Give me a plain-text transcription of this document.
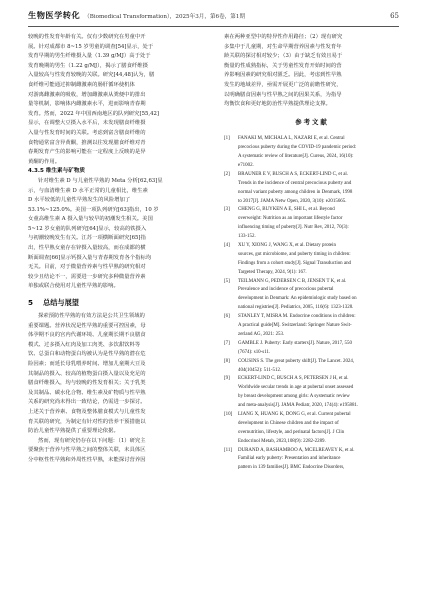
生物医学转化 （Biomedical Transformation），2025年3月，第6卷，第1期	65

较晚的性发育年龄有关。仅有少数研究在男童中开
展。针对成都市 8~15 岁男童的调查[54]显示，处于
发育早期的男生纤维摄入量（1.39 g/MJ）高于处于
发育晚期的男生（1.22 g/MJ），揭示了膳食纤维摄
入量较高与性发育较晚的关联。研究[44,48]认为，膳
食纤维可能通过抑制雌激素的肠肝循环使机体
对游离雌激素的吸收，增加雌激素从粪便中的排出
量等机制，影响体内雌激素水平，进而影响青春期
发育。然而，2022 年中国西南地区的队列研究[55,42]
显示，在调整大豆摄入水平后，未发现膳食纤维摄
入量与性发育时间的关联。考虑到富含膳食纤维的
食物通常富含异黄酮，推测以往发现膳食纤维对青
春期发育产生的影响可能在一定程度上反映的是异
黄酮的作用。

4.3.5 维生素与矿物质

针对维生素 D 与儿童性早熟的 Meta 分析[62,63]显
示，与血清维生素 D 水平正常的儿童相比，维生素
D 水平较低的儿童性早熟发生的风险增加了
53.1%~125.0%。美国一项队列研究[63]指出，10 岁
女童高维生素 A 摄入量与较早的初潮发生相关。美国
5~12 岁女童的队列研究[64]显示，较高的铁摄入
与初潮较晚发生有关。江苏一项横断面研究[65]指
出，性早熟女童存在锌摄入量较高，而在成都的横
断面调查[66]显示钙摄入量与青春期发育各个指标均
无关。目前，对于微量营养素与性早熟的研究相对
较少且结论不一，需要进一步研究多种微量营养素
单独或联合使用对儿童性早熟的影响。

5 总结与展望

探索预防性早熟的有效方法是公共卫生领域的
重要课题。营养状况是性早熟的重要可控因素，母
体孕期不良的宫内代谢环境、儿童期长期不良膳食
模式、过多摄入红肉及加工肉类、多饮甜饮料等
饮、总蛋白和动物蛋白均被认为是性早熟的潜在危
险因素；而延长母乳喂养时间、增加儿童期大豆及
其制品的摄入、较高的植物蛋白摄入量以及充足的
膳食纤维摄入，均与较晚的性发育相关；关于乳类
及其制品、碳水化合物、维生素及矿物质与性早熟
关系的研究尚未得出一致结论，仍需进一步探讨。
上述关于营养素、食物及整体膳食模式与儿童性发
育关联的研究，为制定有针对性的营养干预措施以
防治儿童性早熟提供了重要理论依据。
然而，现有研究仍存在以下问题：（1）研究主
要聚焦于营养与性早熟之间的整体关联，未具体区
分中枢性性早熟和外周性性早熟，未能探讨营养因

素在两种亚型中的特异性作用路径；（2）现有研究
多集中于儿童期，对生命早期营养因素与性发育年
龄关联的探讨相对较少；（3）由于缺乏有效且易于
衡量的性成熟指标，关于男童性发育开始时间的营
养影响因素的研究相对匮乏。因此，考虑到性早熟
发生的地域差异，亟需开展更广泛的前瞻性研究，
以明确膳食因素与性早熟之间的因果关系，为指导
均衡饮食和更好地防治性早熟提供理论支撑。

参考文献
[1]	FANAKI M, MICHALA L, NAZARI E, et al. Central
precocious puberty during the COVID-19 pandemic period:
A systematic review of literature[J]. Cureus, 2024, 16(10):
e71002.
[2]	BRÄUNER E V, BUSCH A S, ECKERT-LIND C, et al.
Trends in the incidence of central precocious puberty and
normal variant puberty among children in Denmark, 1998
to 2017[J]. JAMA Netw Open, 2020, 3(10): e2015665.
[3]	CHENG G, BUYKEN A E, SHI L, et al. Beyond
overweight: Nutrition as an important lifestyle factor
influencing timing of puberty[J]. Nutr Rev, 2012, 70(3):
133-152.
[4]	XU Y, XIONG J, WANG X, et al. Dietary protein
sources, gut microbiome, and puberty timing in children:
Findings from a cohort study[J]. Signal Transduction and
Targeted Therapy, 2024, 9(1): 167.
[5]	TEILMANN G, PEDERSEN C B, JENSEN T K, et al.
Prevalence and incidence of precocious pubertal
development in Denmark: An epidemiologic study based on
national registries[J]. Pediatrics, 2005, 116(6): 1323-1328.
[6]	STANLEY T, MISRA M. Endocrine conditions in children:
A practical guide[M]. Switzerland: Springer Nature Swit-
zerland AG, 2021: 253.
[7]	GAMBLE J. Puberty: Early starters[J]. Nature, 2017, 550
(7674): s10-s11.
[8]	COUSINS S. The great puberty shift[J]. The Lancet. 2024,
404(10452): 511-512.
[9]	ECKERT-LIND C, BUSCH A S, PETERSEN J H, et al.
Worldwide secular trends in age at pubertal onset assessed
by breast development among girls: A systematic review
and meta-analysis[J]. JAMA Pediatr, 2020, 174(4): e195881.
[10]	LIANG X, HUANG K, DONG G, et al. Current pubertal
development in Chinese children and the impact of
overnutrition, lifestyle, and perinatal factors[J]. J Clin
Endocrinol Metab, 2023,108(9): 2282-2289.
[11]	DURAND A, BASHAMBOO A, MCELREAVEY K, et al.
Familial early puberty: Presentation and inheritance
pattern in 139 families[J]. BMC Endocrine Disorders,
